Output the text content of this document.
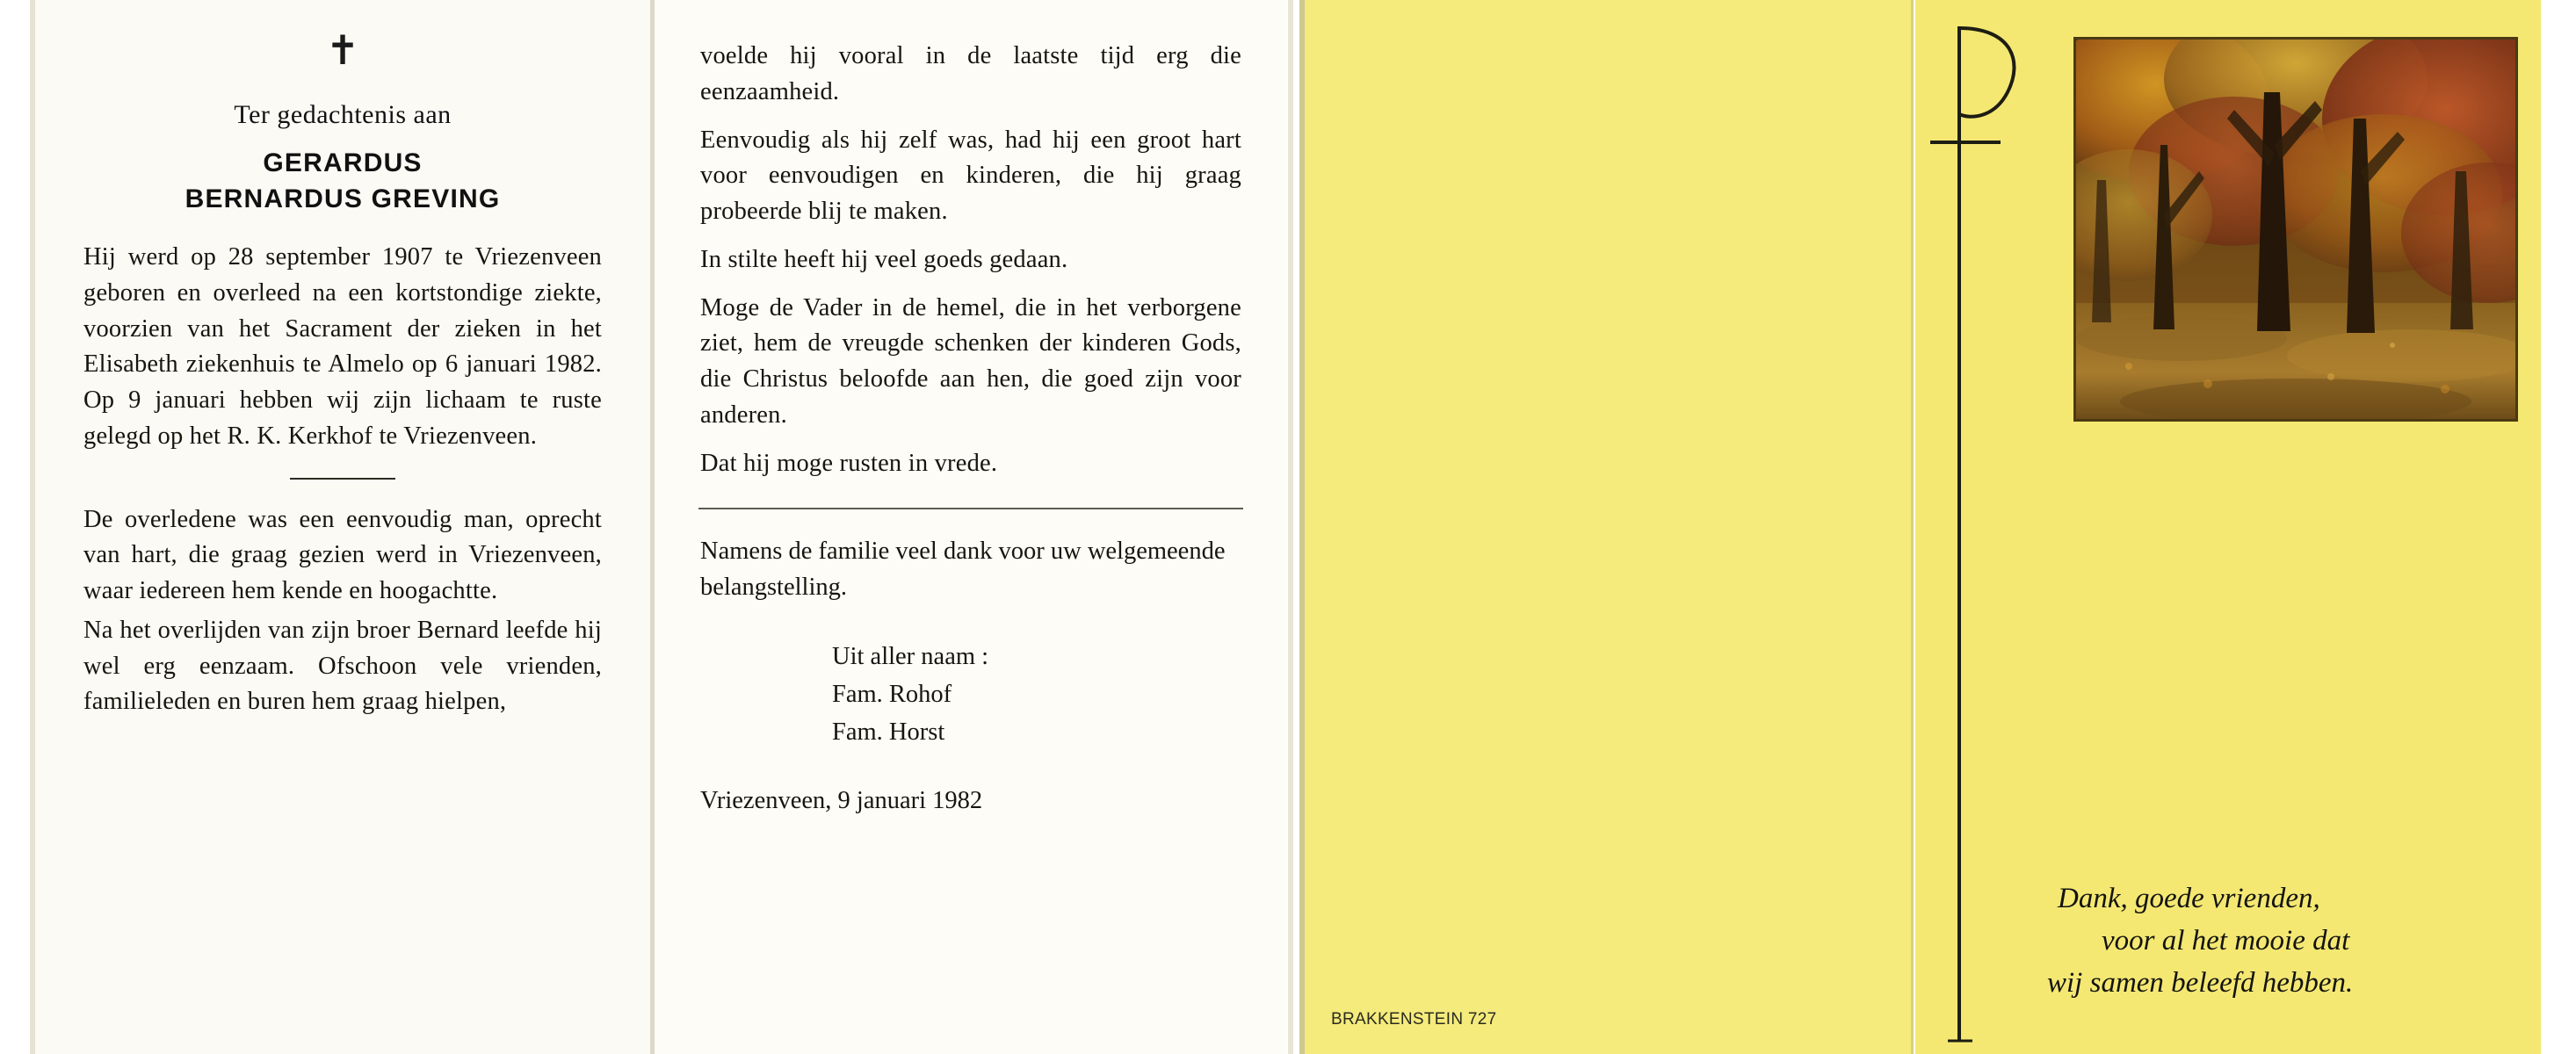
✝
Ter gedachtenis aan
GERARDUS
BERNARDUS GREVING

Hij werd op 28 september 1907 te Vriezenveen geboren en overleed na een kortstondige ziekte, voorzien van het Sacrament der zieken in het Elisabeth ziekenhuis te Almelo op 6 januari 1982. Op 9 januari hebben wij zijn lichaam te ruste gelegd op het R. K. Kerkhof te Vriezenveen.

De overledene was een eenvoudig man, oprecht van hart, die graag gezien werd in Vriezenveen, waar iedereen hem kende en hoogachtte.

Na het overlijden van zijn broer Bernard leefde hij wel erg eenzaam. Ofschoon vele vrienden, familieleden en buren hem graag hielpen,

voelde hij vooral in de laatste tijd erg die eenzaamheid.

Eenvoudig als hij zelf was, had hij een groot hart voor eenvoudigen en kinderen, die hij graag probeerde blij te maken.

In stilte heeft hij veel goeds gedaan.

Moge de Vader in de hemel, die in het verborgene ziet, hem de vreugde schenken der kinderen Gods, die Christus beloofde aan hen, die goed zijn voor anderen.

Dat hij moge rusten in vrede.

Namens de familie veel dank voor uw welgemeende belangstelling.
Uit aller naam :
Fam. Rohof
Fam. Horst
Vriezenveen, 9 januari 1982
BRAKKENSTEIN 727
Dank, goede vrienden,
voor al het mooie dat
wij samen beleefd hebben.
